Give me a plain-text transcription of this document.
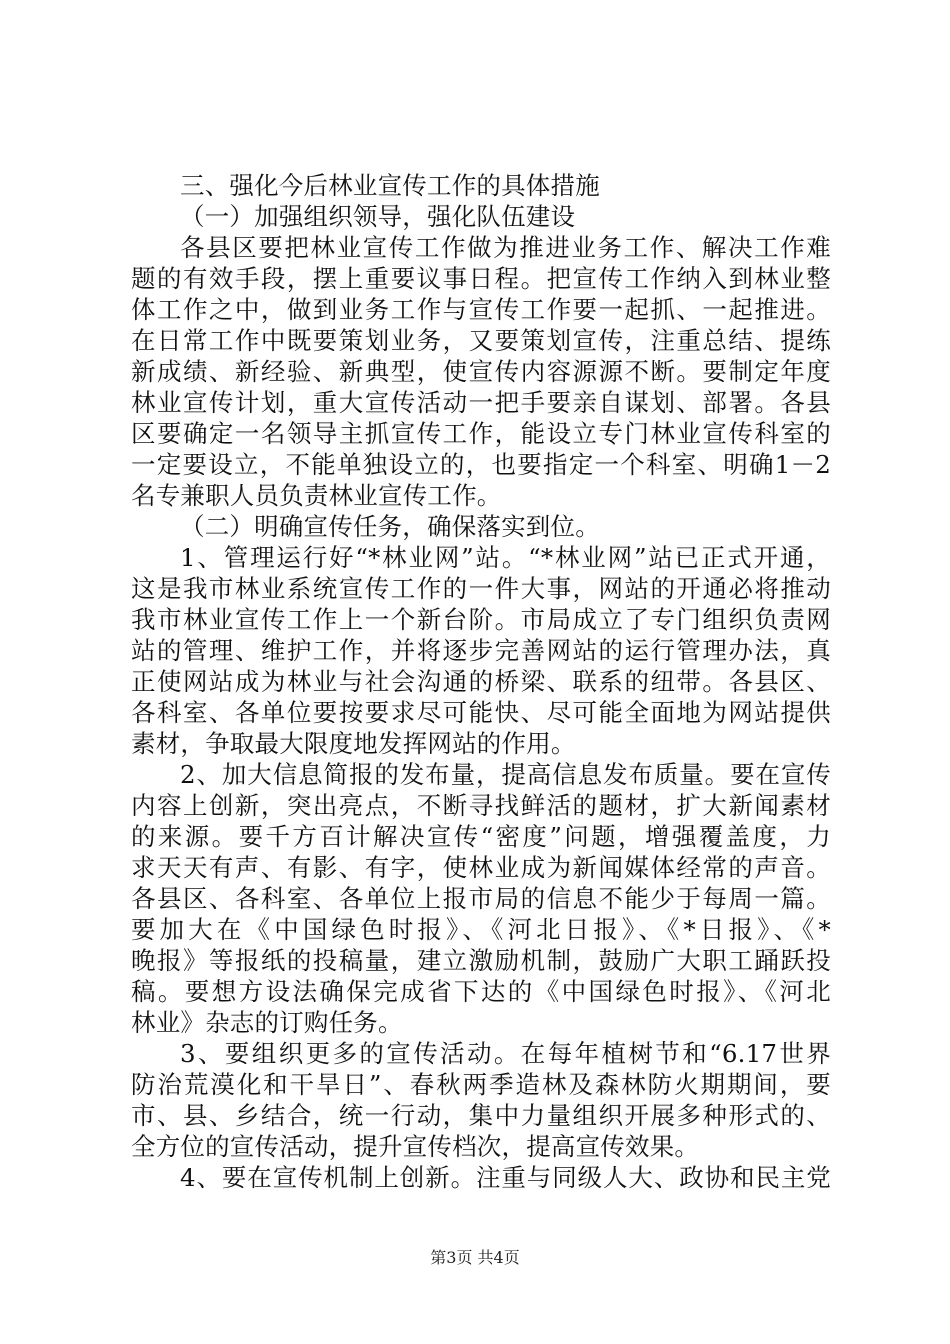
三、强化今后林业宣传工作的具体措施

（一）加强组织领导，强化队伍建设

各县区要把林业宣传工作做为推进业务工作、解决工作难

题的有效手段，摆上重要议事日程。把宣传工作纳入到林业整

体工作之中，做到业务工作与宣传工作要一起抓、一起推进。

在日常工作中既要策划业务，又要策划宣传，注重总结、提练

新成绩、新经验、新典型，使宣传内容源源不断。要制定年度

林业宣传计划，重大宣传活动一把手要亲自谋划、部署。各县

区要确定一名领导主抓宣传工作，能设立专门林业宣传科室的

一定要设立，不能单独设立的，也要指定一个科室、明确1－2

名专兼职人员负责林业宣传工作。

（二）明确宣传任务，确保落实到位。

1、管理运行好“*林业网”站。“*林业网”站已正式开通，

这是我市林业系统宣传工作的一件大事，网站的开通必将推动

我市林业宣传工作上一个新台阶。市局成立了专门组织负责网

站的管理、维护工作，并将逐步完善网站的运行管理办法，真

正使网站成为林业与社会沟通的桥梁、联系的纽带。各县区、

各科室、各单位要按要求尽可能快、尽可能全面地为网站提供

素材，争取最大限度地发挥网站的作用。

2、加大信息简报的发布量，提高信息发布质量。要在宣传

内容上创新，突出亮点，不断寻找鲜活的题材，扩大新闻素材

的来源。要千方百计解决宣传“密度”问题，增强覆盖度，力

求天天有声、有影、有字，使林业成为新闻媒体经常的声音。

各县区、各科室、各单位上报市局的信息不能少于每周一篇。

要加大在《中国绿色时报》、《河北日报》、《*日报》、《*

晚报》等报纸的投稿量，建立激励机制，鼓励广大职工踊跃投

稿。要想方设法确保完成省下达的《中国绿色时报》、《河北

林业》杂志的订购任务。

3、要组织更多的宣传活动。在每年植树节和“6.17世界

防治荒漠化和干旱日”、春秋两季造林及森林防火期期间，要

市、县、乡结合，统一行动，集中力量组织开展多种形式的、

全方位的宣传活动，提升宣传档次，提高宣传效果。

4、要在宣传机制上创新。注重与同级人大、政协和民主党

第3页 共4页
